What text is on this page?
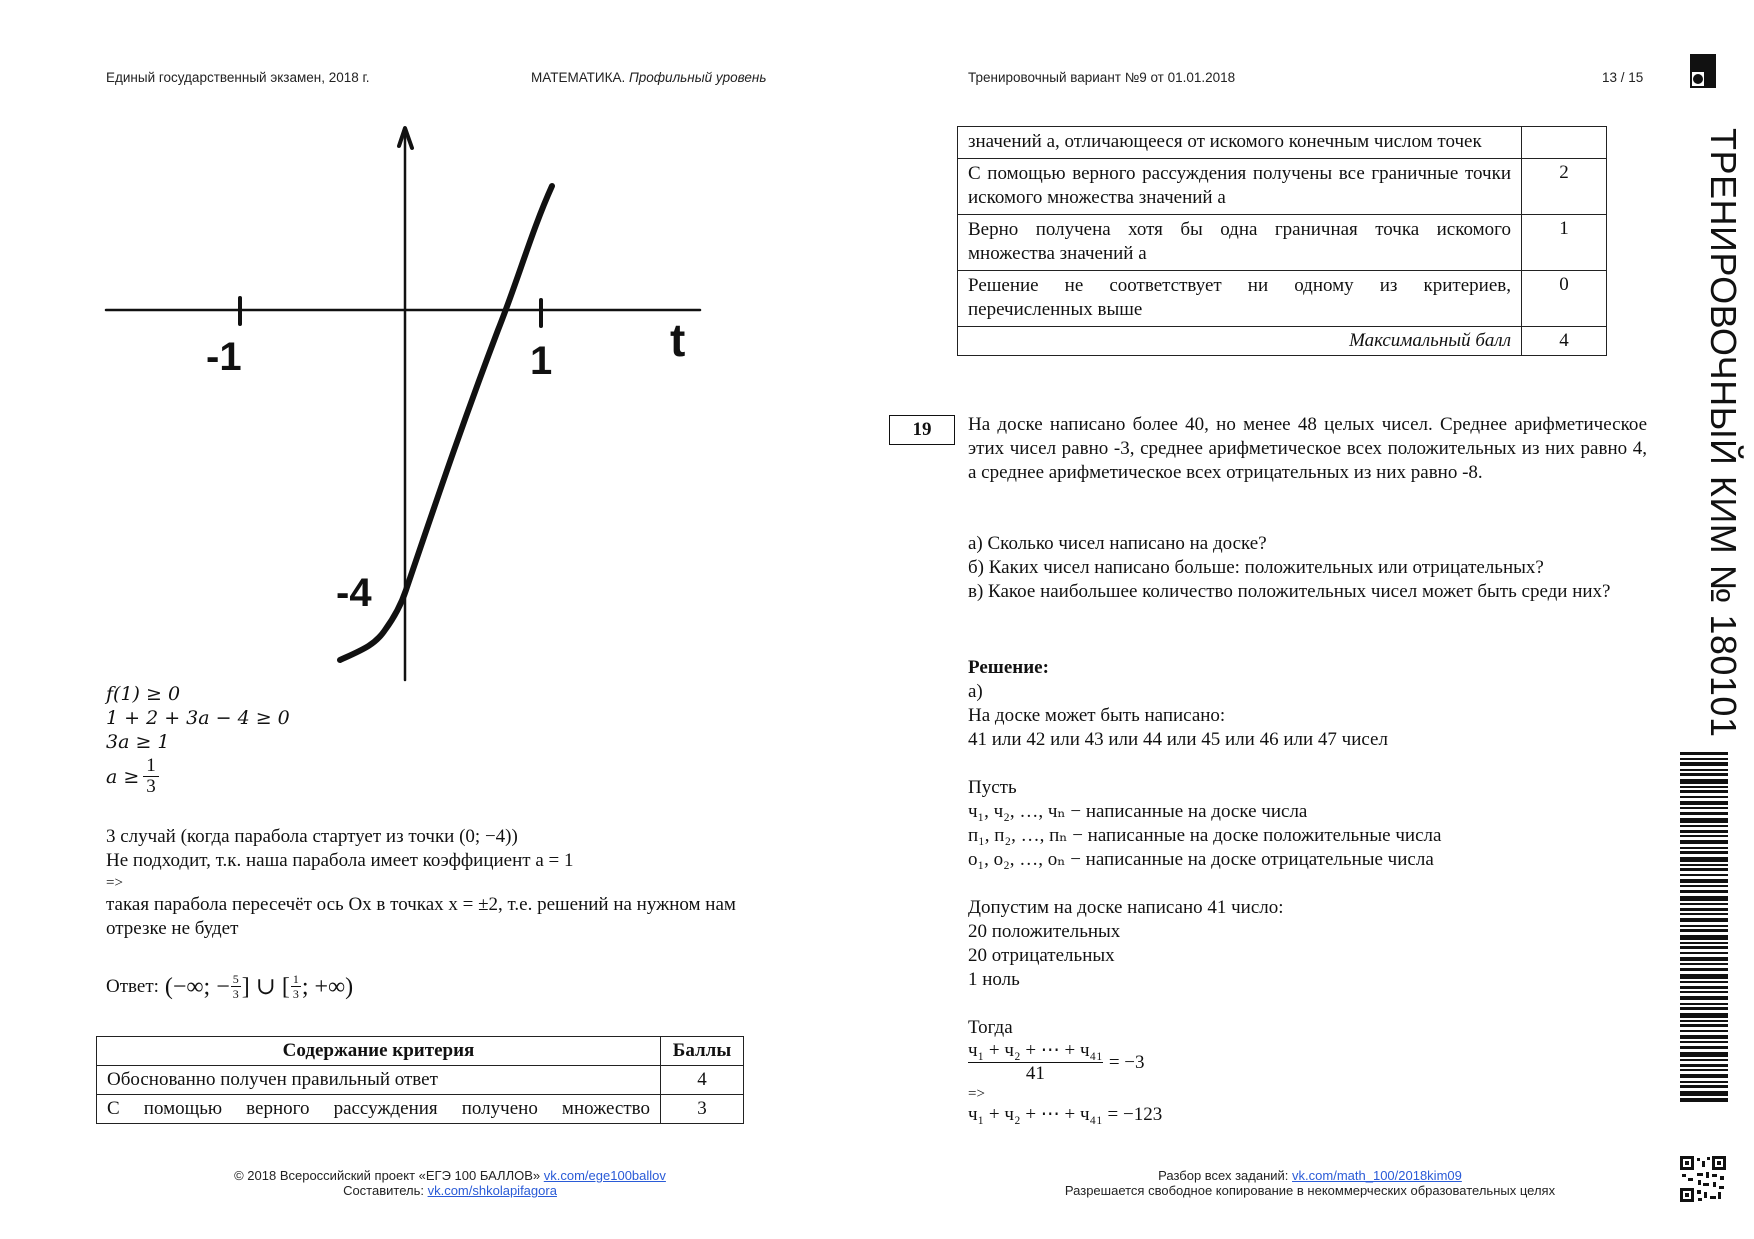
Единый государственный экзамен, 2018 г.	МАТЕМАТИКА. Профильный уровень	Тренировочный вариант №9 от 01.01.2018	13 / 15
ТРЕНИРОВОЧНЫЙ КИМ № 180101
t
-1	1
-4
f(1) ≥ 0
1 + 2 + 3a − 4 ≥ 0
3a ≥ 1
$a \ge \frac{1}{3}$
3 случай (когда парабола стартует из точки (0; −4))
Не подходит, т.к. наша парабола имеет коэффициент a = 1
=>
такая парабола пересечёт ось Ox в точках x = ±2, т.е. решений на нужном нам отрезке не будет
Ответ: (−∞; − $\frac{5}{3}$ ] ∪ [ $\frac{1}{3}$ ; +∞)
Содержание критерия	Баллы
Обоснованно получен правильный ответ	4
С помощью верного рассуждения получено множество	3
значений a, отличающееся от искомого конечным числом точек	
С помощью верного рассуждения получены все граничные точки искомого множества значений a	2
Верно получена хотя бы одна граничная точка искомого множества значений a	1
Решение не соответствует ни одному из критериев, перечисленных выше	0
Максимальный балл	4
19	На доске написано более 40, но менее 48 целых чисел. Среднее арифметическое этих чисел равно -3, среднее арифметическое всех положительных из них равно 4, а среднее арифметическое всех отрицательных из них равно -8.
а) Сколько чисел написано на доске?
б) Каких чисел написано больше: положительных или отрицательных?
в) Какое наибольшее количество положительных чисел может быть среди них?
Решение:
а)
На доске может быть написано:
41 или 42 или 43 или 44 или 45 или 46 или 47 чисел
Пусть
ч₁, ч₂, …, чₙ − написанные на доске числа
п₁, п₂, …, пₙ − написанные на доске положительные числа
о₁, о₂, …, оₙ − написанные на доске отрицательные числа
Допустим на доске написано 41 число:
20 положительных
20 отрицательных
1 ноль
Тогда
ч₁ + ч₂ + ⋯ + ч₄₁
41
= −3
=>
ч₁ + ч₂ + ⋯ + ч₄₁ = −123
© 2018 Всероссийский проект «ЕГЭ 100 БАЛЛОВ» vk.com/ege100ballov
Составитель: vk.com/shkolapifagora
Разбор всех заданий: vk.com/math_100/2018kim09
Разрешается свободное копирование в некоммерческих образовательных целях
